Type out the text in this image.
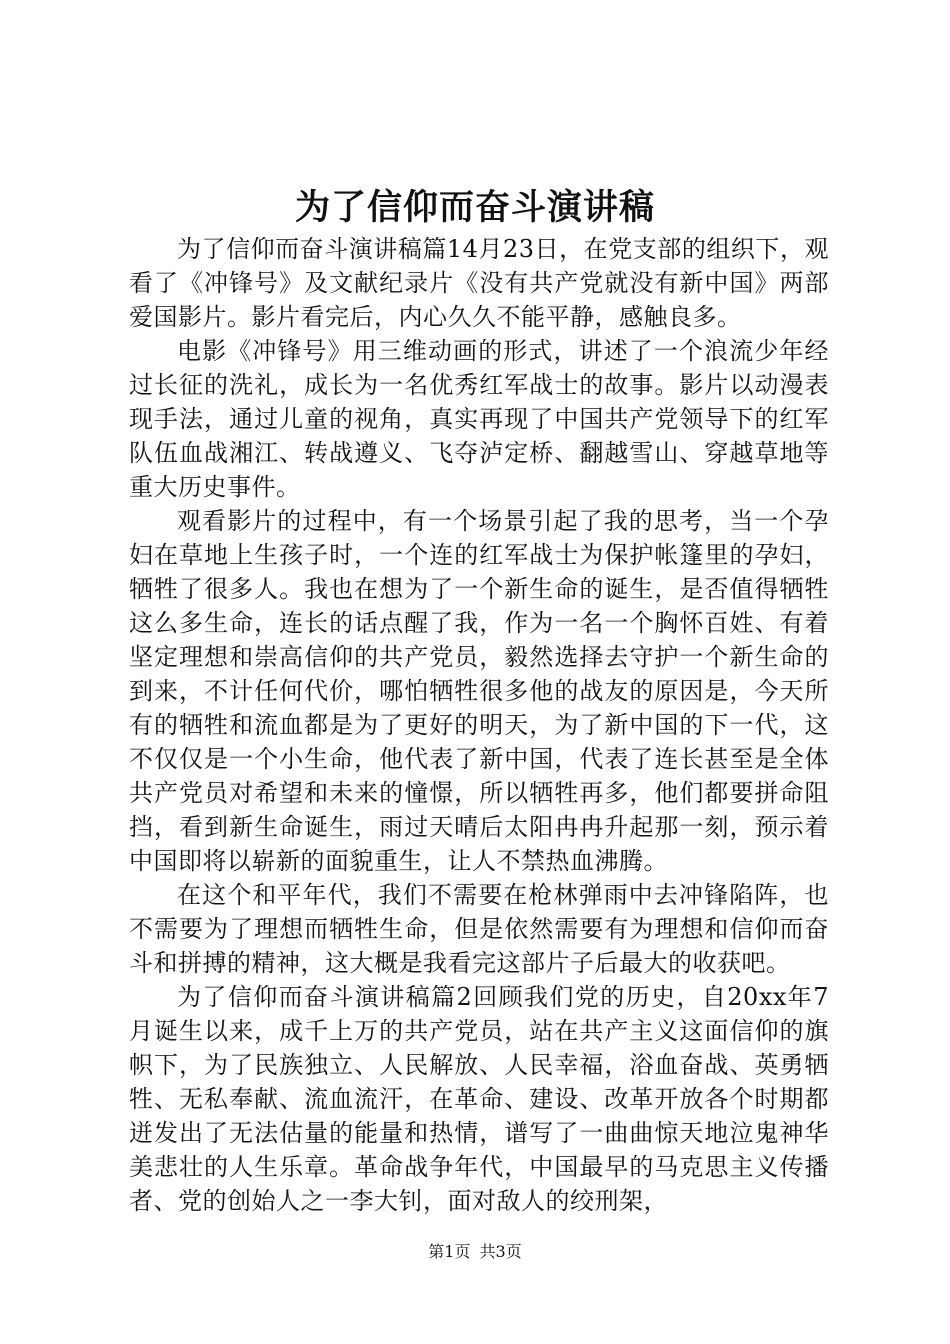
为了信仰而奋斗演讲稿

为了信仰而奋斗演讲稿篇14月23日，在党支部的组织下，观看了《冲锋号》及文献纪录片《没有共产党就没有新中国》两部爱国影片。影片看完后，内心久久不能平静，感触良多。

电影《冲锋号》用三维动画的形式，讲述了一个浪流少年经过长征的洗礼，成长为一名优秀红军战士的故事。影片以动漫表现手法，通过儿童的视角，真实再现了中国共产党领导下的红军队伍血战湘江、转战遵义、飞夺泸定桥、翻越雪山、穿越草地等重大历史事件。

观看影片的过程中，有一个场景引起了我的思考，当一个孕妇在草地上生孩子时，一个连的红军战士为保护帐篷里的孕妇，牺牲了很多人。我也在想为了一个新生命的诞生，是否值得牺牲这么多生命，连长的话点醒了我，作为一名一个胸怀百姓、有着坚定理想和崇高信仰的共产党员，毅然选择去守护一个新生命的到来，不计任何代价，哪怕牺牲很多他的战友的原因是，今天所有的牺牲和流血都是为了更好的明天，为了新中国的下一代，这不仅仅是一个小生命，他代表了新中国，代表了连长甚至是全体共产党员对希望和未来的憧憬，所以牺牲再多，他们都要拼命阻挡，看到新生命诞生，雨过天晴后太阳冉冉升起那一刻，预示着中国即将以崭新的面貌重生，让人不禁热血沸腾。

在这个和平年代，我们不需要在枪林弹雨中去冲锋陷阵，也不需要为了理想而牺牲生命，但是依然需要有为理想和信仰而奋斗和拼搏的精神，这大概是我看完这部片子后最大的收获吧。

为了信仰而奋斗演讲稿篇2回顾我们党的历史，自20xx年7月诞生以来，成千上万的共产党员，站在共产主义这面信仰的旗帜下，为了民族独立、人民解放、人民幸福，浴血奋战、英勇牺牲、无私奉献、流血流汗，在革命、建设、改革开放各个时期都迸发出了无法估量的能量和热情，谱写了一曲曲惊天地泣鬼神华美悲壮的人生乐章。革命战争年代，中国最早的马克思主义传播者、党的创始人之一李大钊，面对敌人的绞刑架，

第1页 共3页
